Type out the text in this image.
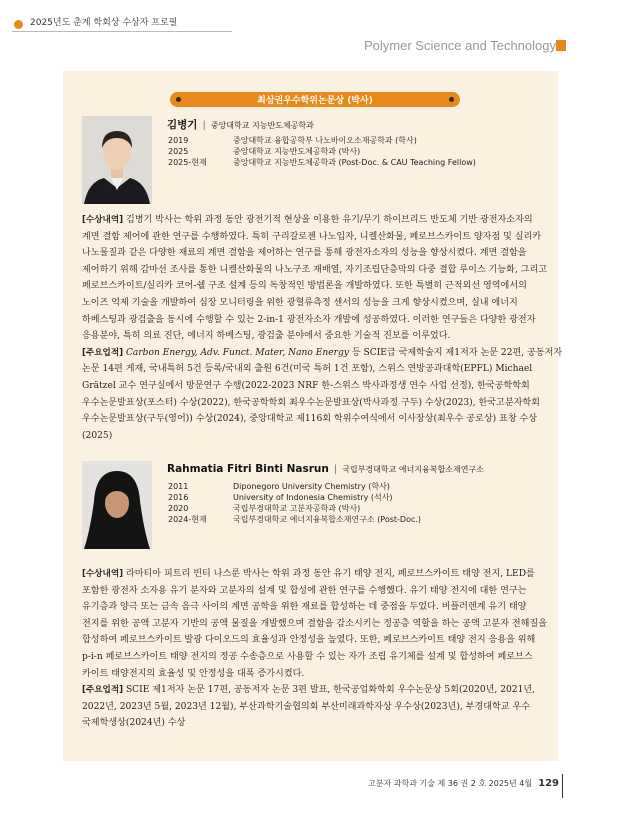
2025년도 춘계 학회상 수상자 프로필
Polymer Science and Technology
최삼권우수학위논문상 (박사)
김병기 | 중앙대학교 지능반도체공학과
2019	중앙대학교 융합공학부 나노바이오소재공학과 (학사)
2025	중앙대학교 지능반도체공학과 (박사)
2025-현재	중앙대학교 지능반도체공학과 (Post-Doc. & CAU Teaching Fellow)
[수상내역] 김병기 박사는 학위 과정 동안 광전기적 현상을 이용한 유기/무기 하이브리드 반도체 기반 광전자소자의
계면 결함 제어에 관한 연구를 수행하였다. 특히 구리갈로젠 나노입자, 니켈산화물, 페로브스카이트 양자점 및 실리카
나노물질과 같은 다양한 재료의 계면 결함을 제어하는 연구를 통해 광전자소자의 성능을 향상시켰다. 계면 결함을
제어하기 위해 감마선 조사를 통한 니켈산화물의 나노구조 재배열, 자기조립단층막의 다중 결합 루이스 기능화, 그리고
페로브스카이트/실리카 코어-쉘 구조 설계 등의 독창적인 방법론을 개발하였다. 또한 특별히 근적외선 영역에서의
노이즈 억제 기술을 개발하여 심장 모니터링을 위한 광혈류측정 센서의 성능을 크게 향상시켰으며, 실내 에너지
하베스팅과 광검출을 동시에 수행할 수 있는 2-in-1 광전자소자 개발에 성공하였다. 이러한 연구들은 다양한 광전자
응용분야, 특히 의료 진단, 에너지 하베스팅, 광검출 분야에서 중요한 기술적 진보를 이루었다.
[주요업적] Carbon Energy, Adv. Funct. Mater, Nano Energy 등 SCIE급 국제학술지 제1저자 논문 22편, 공동저자
논문 14편 게재, 국내특허 5건 등록/국내외 출원 6건(미국 특허 1건 포함), 스위스 연방공과대학(EPFL) Michael
Grätzel 교수 연구실에서 방문연구 수행(2022-2023 NRF 한-스위스 박사과정생 연수 사업 선정), 한국공학학회
우수논문발표상(포스터) 수상(2022), 한국공학학회 최우수논문발표상(박사과정 구두) 수상(2023), 한국고분자학회
우수논문발표상(구두(영어)) 수상(2024), 중앙대학교 제116회 학위수여식에서 이사장상(최우수 공로상) 표창 수상
(2025)
Rahmatia Fitri Binti Nasrun | 국립부경대학교 에너지융복합소재연구소
2011	Diponegoro University Chemistry (학사)
2016	University of Indonesia Chemistry (석사)
2020	국립부경대학교 고분자공학과 (박사)
2024-현재	국립부경대학교 에너지융복합소재연구소 (Post-Doc.)
[수상내역] 라마티아 피트리 빈티 나스룬 박사는 학위 과정 동안 유기 태양 전지, 페로브스카이트 태양 전지, LED를
포함한 광전자 소자용 유기 분자와 고분자의 설계 및 합성에 관한 연구를 수행했다. 유기 태양 전지에 대한 연구는
유기층과 양극 또는 금속 음극 사이의 계면 공학을 위한 재료를 합성하는 데 중점을 두었다. 비플러렌계 유기 태양
전지를 위한 공액 고분자 기반의 공액 물질을 개발했으며 결함을 감소시키는 정공층 역할을 하는 공액 고분자 전해질을
합성하여 페로브스카이트 발광 다이오드의 효율성과 안정성을 높였다. 또한, 페로브스카이트 태양 전지 응용을 위해
p-i-n 페로브스카이트 태양 전지의 정공 수송층으로 사용할 수 있는 자가 조립 유기체를 설계 및 합성하여 페로브스
카이트 태양전지의 효율성 및 안정성을 대폭 증가시켰다.
[주요업적] SCIE 제1저자 논문 17편, 공동저자 논문 3편 발표, 한국공업화학회 우수논문상 5회(2020년, 2021년,
2022년, 2023년 5월, 2023년 12월), 부산과학기술협의회 부산미래과학자상 우수상(2023년), 부경대학교 우수
국제학생상(2024년) 수상
고분자 과학과 기술 제 36 권 2 호 2025년 4월 129
